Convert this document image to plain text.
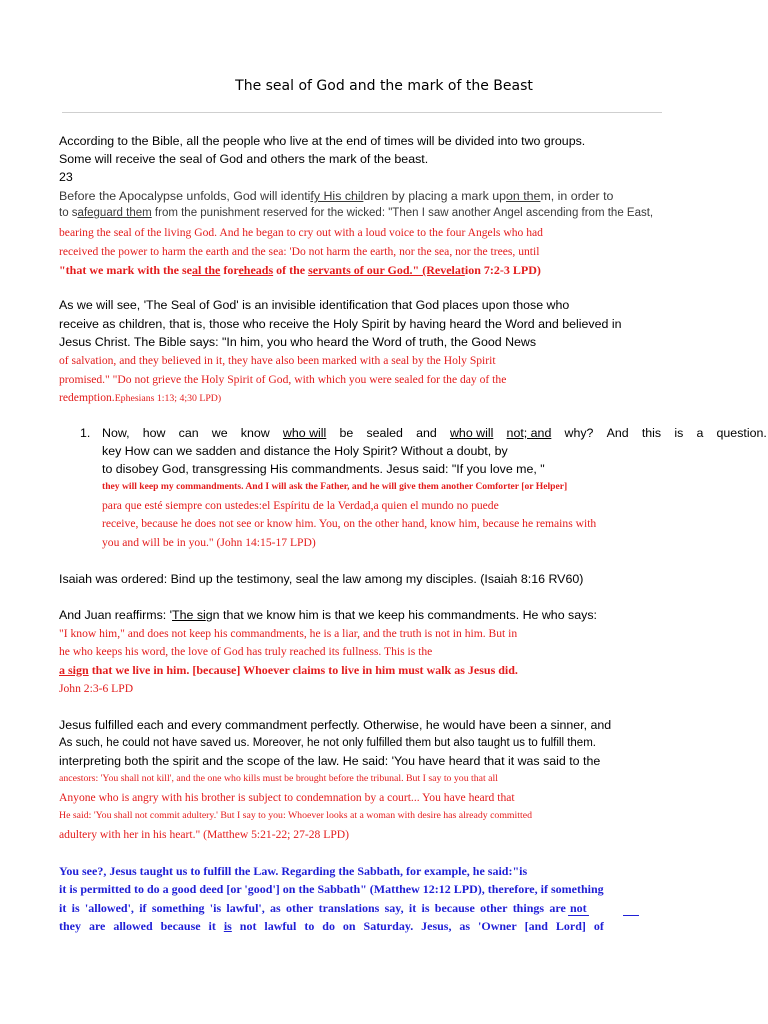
The seal of God and the mark of the Beast
According to the Bible, all the people who live at the end of times will be divided into two groups.
Some will receive the seal of God and others the mark of the beast.
23
Before the Apocalypse unfolds, God will identify His children by placing a mark upon them, in order to
to safeguard them from the punishment reserved for the wicked: "Then I saw another Angel ascending from the East,
bearing the seal of the living God. And he began to cry out with a loud voice to the four Angels who had
received the power to harm the earth and the sea: 'Do not harm the earth, nor the sea, nor the trees, until
"that we mark with the seal the foreheads of the servants of our God." (Revelation 7:2-3 LPD)
As we will see, 'The Seal of God' is an invisible identification that God places upon those who
receive as children, that is, those who receive the Holy Spirit by having heard the Word and believed in
Jesus Christ. The Bible says: "In him, you who heard the Word of truth, the Good News
of salvation, and they believed in it, they have also been marked with a seal by the Holy Spirit
promised." "Do not grieve the Holy Spirit of God, with which you were sealed for the day of the
redemption.Ephesians 1:13; 4;30 LPD)
1. Now, how can we know who will be sealed and who will not; and why? And this is a question.
key How can we sadden and distance the Holy Spirit? Without a doubt, by
to disobey God, transgressing His commandments. Jesus said: "If you love me, "
they will keep my commandments. And I will ask the Father, and he will give them another Comforter [or Helper]
para que esté siempre con ustedes:el Espíritu de la Verdad,a quien el mundo no puede
receive, because he does not see or know him. You, on the other hand, know him, because he remains with
you and will be in you." (John 14:15-17 LPD)
Isaiah was ordered: Bind up the testimony, seal the law among my disciples. (Isaiah 8:16 RV60)
And Juan reaffirms: 'The sign that we know him is that we keep his commandments. He who says:
"I know him," and does not keep his commandments, he is a liar, and the truth is not in him. But in
he who keeps his word, the love of God has truly reached its fullness. This is the
a sign that we live in him. [because] Whoever claims to live in him must walk as Jesus did.
John 2:3-6 LPD
Jesus fulfilled each and every commandment perfectly. Otherwise, he would have been a sinner, and
As such, he could not have saved us. Moreover, he not only fulfilled them but also taught us to fulfill them.
interpreting both the spirit and the scope of the law. He said: 'You have heard that it was said to the
ancestors: 'You shall not kill', and the one who kills must be brought before the tribunal. But I say to you that all
Anyone who is angry with his brother is subject to condemnation by a court... You have heard that
He said: 'You shall not commit adultery.' But I say to you: Whoever looks at a woman with desire has already committed
adultery with her in his heart." (Matthew 5:21-22; 27-28 LPD)
You see?, Jesus taught us to fulfill the Law. Regarding the Sabbath, for example, he said:"is
it is permitted to do a good deed [or 'good'] on the Sabbath" (Matthew 12:12 LPD), therefore, if something
it is 'allowed', if something 'is lawful', as other translations say, it is because other things are not
they are allowed because it is not lawful to do on Saturday. Jesus, as 'Owner [and Lord] of
